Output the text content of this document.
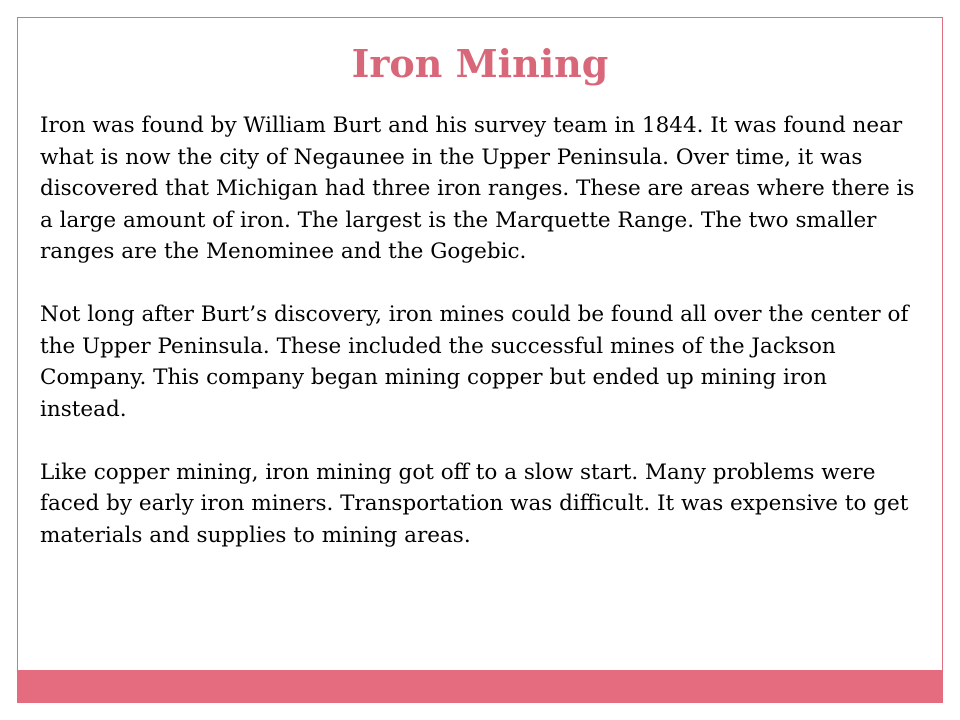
Iron Mining

Iron was found by William Burt and his survey team in 1844. It was found near what is now the city of Negaunee in the Upper Peninsula. Over time, it was discovered that Michigan had three iron ranges. These are areas where there is a large amount of iron. The largest is the Marquette Range. The two smaller ranges are the Menominee and the Gogebic.

Not long after Burt’s discovery, iron mines could be found all over the center of the Upper Peninsula. These included the successful mines of the Jackson Company. This company began mining copper but ended up mining iron instead.

Like copper mining, iron mining got off to a slow start. Many problems were faced by early iron miners. Transportation was difficult. It was expensive to get materials and supplies to mining areas.
